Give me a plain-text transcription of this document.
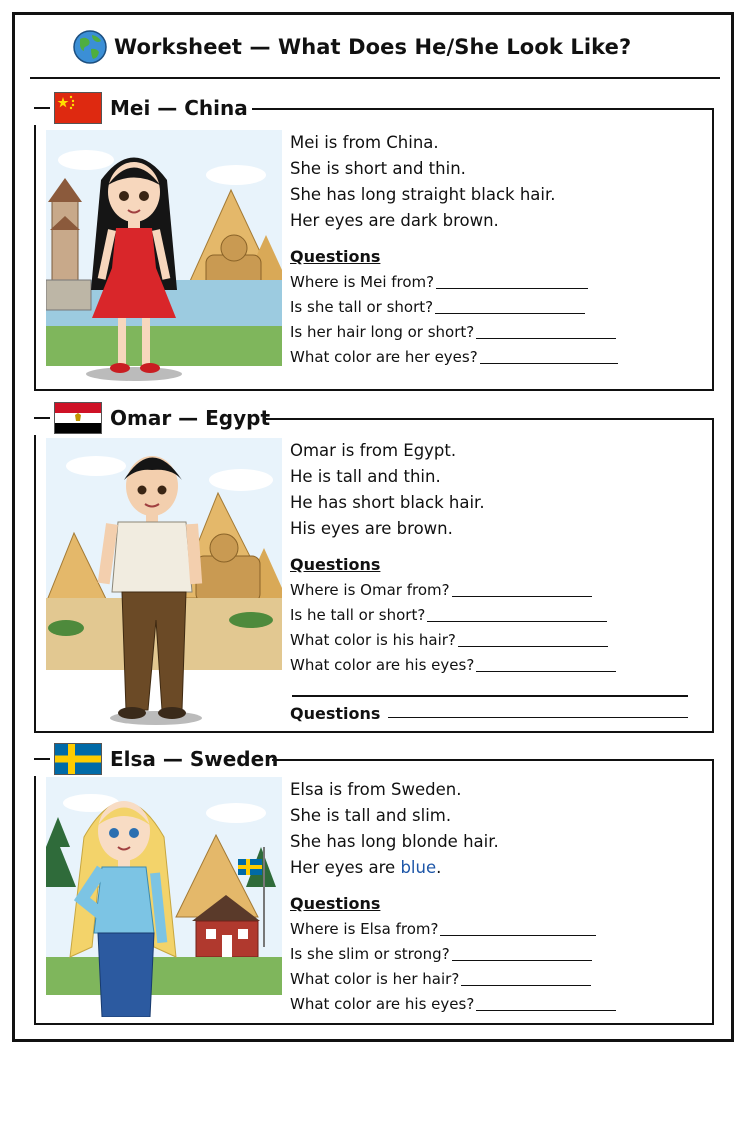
Worksheet — What Does He/She Look Like?
Mei is from China.
She is short and thin.
She has long straight black hair.
Her eyes are dark brown.
Questions
Where is Mei from?
Is she tall or short?
Is her hair long or short?
What color are her eyes?
Mei — China
Omar is from Egypt.
He is tall and thin.
He has short black hair.
His eyes are brown.
Questions
Where is Omar from?
Is he tall or short?
What color is his hair?
What color are his eyes?
Questions
Omar — Egypt
Elsa is from Sweden.
She is tall and slim.
She has long blonde hair.
Her eyes are blue.
Questions
Where is Elsa from?
Is she slim or strong?
What color is her hair?
What color are his eyes?
Elsa — Sweden
